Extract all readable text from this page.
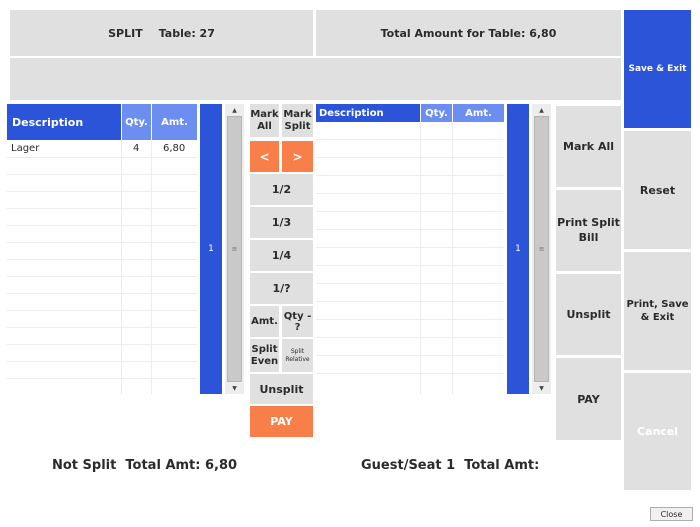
SPLIT Table: 27	Total Amount for Table: 6,80
Description	Qty. Amt.
Lager	4 6,80
1
▲
≡
▼
Mark All
Mark Split
< >
1/2
1/3
1/4
1/?
Amt. Qty - ?
Split Even
Split Relative
Unsplit
PAY
Description	Qty. Amt.
1
▲
≡
▼
Mark All
Print Split Bill
Unsplit
PAY
Save & Exit
Reset
Print, Save & Exit
Cancel
Not Split  Total Amt: 6,80	Guest/Seat 1  Total Amt:
Close
